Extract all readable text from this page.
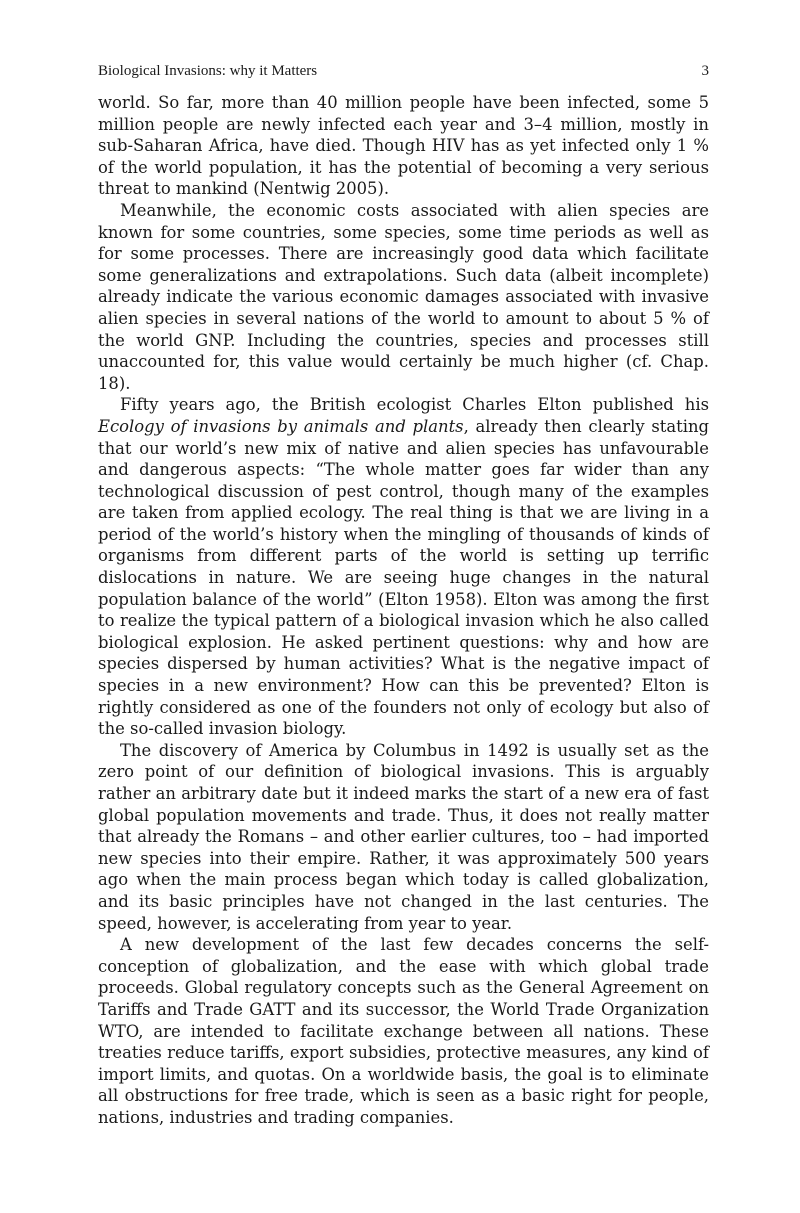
Biological Invasions: why it Matters	3

world. So far, more than 40 million people have been infected, some 5 million people are newly infected each year and 3–4 million, mostly in sub-Saharan Africa, have died. Though HIV has as yet infected only 1 % of the world population, it has the potential of becoming a very serious threat to mankind (Nentwig 2005).

Meanwhile, the economic costs associated with alien species are known for some countries, some species, some time periods as well as for some processes. There are increasingly good data which facilitate some generalizations and extrapolations. Such data (albeit incomplete) already indicate the various economic damages associated with invasive alien species in several nations of the world to amount to about 5 % of the world GNP. Including the countries, species and processes still unaccounted for, this value would certainly be much higher (cf. Chap. 18).

Fifty years ago, the British ecologist Charles Elton published his Ecology of invasions by animals and plants, already then clearly stating that our world’s new mix of native and alien species has unfavourable and dangerous aspects: “The whole matter goes far wider than any technological discussion of pest control, though many of the examples are taken from applied ecology. The real thing is that we are living in a period of the world’s history when the mingling of thousands of kinds of organisms from different parts of the world is setting up terrific dislocations in nature. We are seeing huge changes in the natural population balance of the world” (Elton 1958). Elton was among the first to realize the typical pattern of a biological invasion which he also called biological explosion. He asked pertinent questions: why and how are species dispersed by human activities? What is the negative impact of species in a new environment? How can this be prevented? Elton is rightly considered as one of the founders not only of ecology but also of the so-called invasion biology.

The discovery of America by Columbus in 1492 is usually set as the zero point of our definition of biological invasions. This is arguably rather an arbitrary date but it indeed marks the start of a new era of fast global population movements and trade. Thus, it does not really matter that already the Romans – and other earlier cultures, too – had imported new species into their empire. Rather, it was approximately 500 years ago when the main process began which today is called globalization, and its basic principles have not changed in the last centuries. The speed, however, is accelerating from year to year.

A new development of the last few decades concerns the self-conception of globalization, and the ease with which global trade proceeds. Global regulatory concepts such as the General Agreement on Tariffs and Trade GATT and its successor, the World Trade Organization WTO, are intended to facilitate exchange between all nations. These treaties reduce tariffs, export subsidies, protective measures, any kind of import limits, and quotas. On a worldwide basis, the goal is to eliminate all obstructions for free trade, which is seen as a basic right for people, nations, industries and trading companies.
